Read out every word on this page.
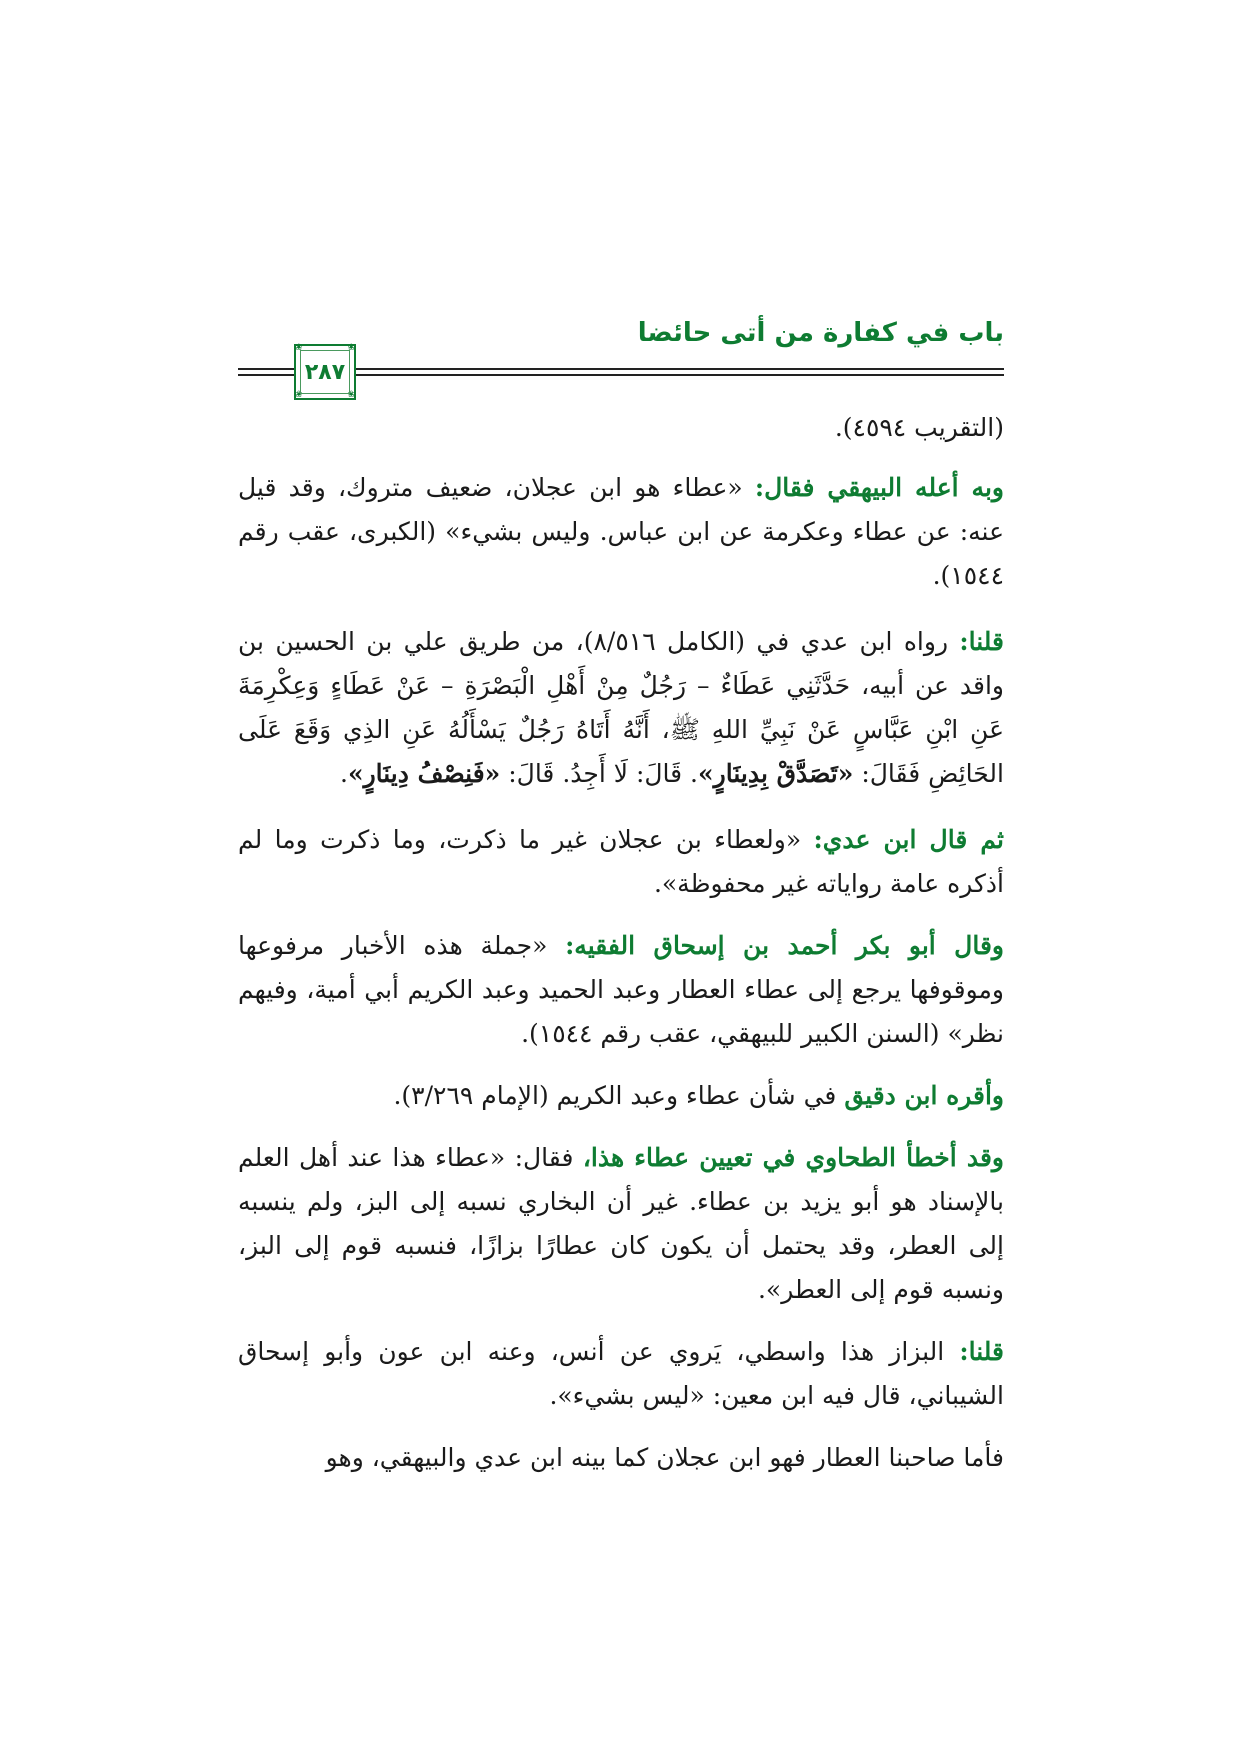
باب في كفارة من أتى حائضا
❀	❀
❀	❀
٢٨٧

(التقريب ٤٥٩٤).

وبه أعله البيهقي فقال: «عطاء هو ابن عجلان، ضعيف متروك، وقد قيل عنه: عن عطاء وعكرمة عن ابن عباس. وليس بشيء» (الكبرى، عقب رقم ١٥٤٤).

قلنا: رواه ابن عدي في (الكامل ٨/٥١٦)، من طريق علي بن الحسين بن واقد عن أبيه، حَدَّثَنِي عَطَاءٌ – رَجُلٌ مِنْ أَهْلِ الْبَصْرَةِ – عَنْ عَطَاءٍ وَعِكْرِمَةَ عَنِ ابْنِ عَبَّاسٍ عَنْ نَبِيِّ اللهِ ﷺ، أَنَّهُ أَتَاهُ رَجُلٌ يَسْأَلُهُ عَنِ الذِي وَقَعَ عَلَى الحَائِضِ فَقَالَ: «تَصَدَّقْ بِدِينَارٍ». قَالَ: لَا أَجِدُ. قَالَ: «فَنِصْفُ دِينَارٍ».

ثم قال ابن عدي: «ولعطاء بن عجلان غير ما ذكرت، وما ذكرت وما لم أذكره عامة رواياته غير محفوظة».

وقال أبو بكر أحمد بن إسحاق الفقيه: «جملة هذه الأخبار مرفوعها وموقوفها يرجع إلى عطاء العطار وعبد الحميد وعبد الكريم أبي أمية، وفيهم نظر» (السنن الكبير للبيهقي، عقب رقم ١٥٤٤).

وأقره ابن دقيق في شأن عطاء وعبد الكريم (الإمام ٣/٢٦٩).

وقد أخطأ الطحاوي في تعيين عطاء هذا، فقال: «عطاء هذا عند أهل العلم بالإسناد هو أبو يزيد بن عطاء. غير أن البخاري نسبه إلى البز، ولم ينسبه إلى العطر، وقد يحتمل أن يكون كان عطارًا بزازًا، فنسبه قوم إلى البز، ونسبه قوم إلى العطر».

قلنا: البزاز هذا واسطي، يَروي عن أنس، وعنه ابن عون وأبو إسحاق الشيباني، قال فيه ابن معين: «ليس بشيء».

فأما صاحبنا العطار فهو ابن عجلان كما بينه ابن عدي والبيهقي، وهو
